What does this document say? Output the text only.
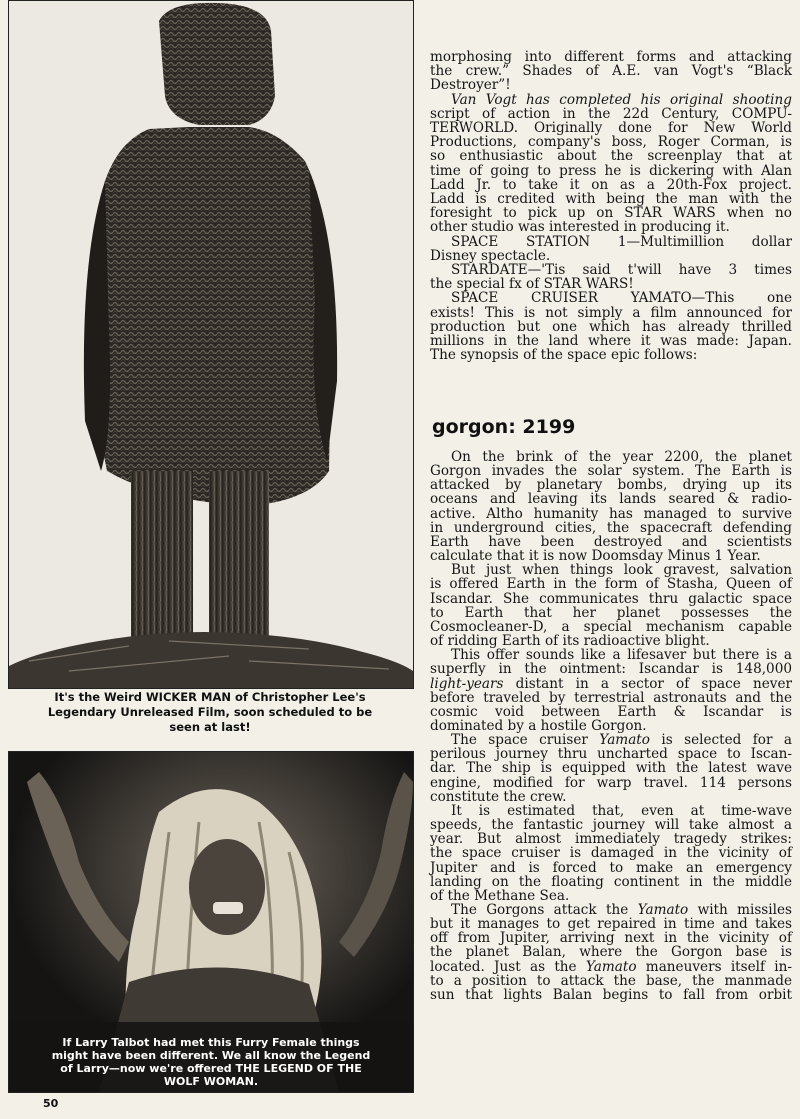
It's the Weird WICKER MAN of Christopher Lee's
Legendary Unreleased Film, soon scheduled to be
seen at last!
If Larry Talbot had met this Furry Female things
might have been different. We all know the Legend
of Larry—now we're offered THE LEGEND OF THE
WOLF WOMAN.
50
morphosing into different forms and attacking
the crew.” Shades of A.E. van Vogt's “Black
Destroyer”!
Van Vogt has completed his original shooting
script of action in the 22d Century, COMPU-
TERWORLD. Originally done for New World
Productions, company's boss, Roger Corman, is
so enthusiastic about the screenplay that at
time of going to press he is dickering with Alan
Ladd Jr. to take it on as a 20th-Fox project.
Ladd is credited with being the man with the
foresight to pick up on STAR WARS when no
other studio was interested in producing it.
SPACE STATION 1—Multimillion dollar
Disney spectacle.
STARDATE—'Tis said t'will have 3 times
the special fx of STAR WARS!
SPACE CRUISER YAMATO—This one
exists! This is not simply a film announced for
production but one which has already thrilled
millions in the land where it was made: Japan.
The synopsis of the space epic follows:
gorgon: 2199
On the brink of the year 2200, the planet
Gorgon invades the solar system. The Earth is
attacked by planetary bombs, drying up its
oceans and leaving its lands seared & radio-
active. Altho humanity has managed to survive
in underground cities, the spacecraft defending
Earth have been destroyed and scientists
calculate that it is now Doomsday Minus 1 Year.
But just when things look gravest, salvation
is offered Earth in the form of Stasha, Queen of
Iscandar. She communicates thru galactic space
to Earth that her planet possesses the
Cosmocleaner-D, a special mechanism capable
of ridding Earth of its radioactive blight.
This offer sounds like a lifesaver but there is a
superfly in the ointment: Iscandar is 148,000
light-years distant in a sector of space never
before traveled by terrestrial astronauts and the
cosmic void between Earth & Iscandar is
dominated by a hostile Gorgon.
The space cruiser Yamato is selected for a
perilous journey thru uncharted space to Iscan-
dar. The ship is equipped with the latest wave
engine, modified for warp travel. 114 persons
constitute the crew.
It is estimated that, even at time-wave
speeds, the fantastic journey will take almost a
year. But almost immediately tragedy strikes:
the space cruiser is damaged in the vicinity of
Jupiter and is forced to make an emergency
landing on the floating continent in the middle
of the Methane Sea.
The Gorgons attack the Yamato with missiles
but it manages to get repaired in time and takes
off from Jupiter, arriving next in the vicinity of
the planet Balan, where the Gorgon base is
located. Just as the Yamato maneuvers itself in-
to a position to attack the base, the manmade
sun that lights Balan begins to fall from orbit
